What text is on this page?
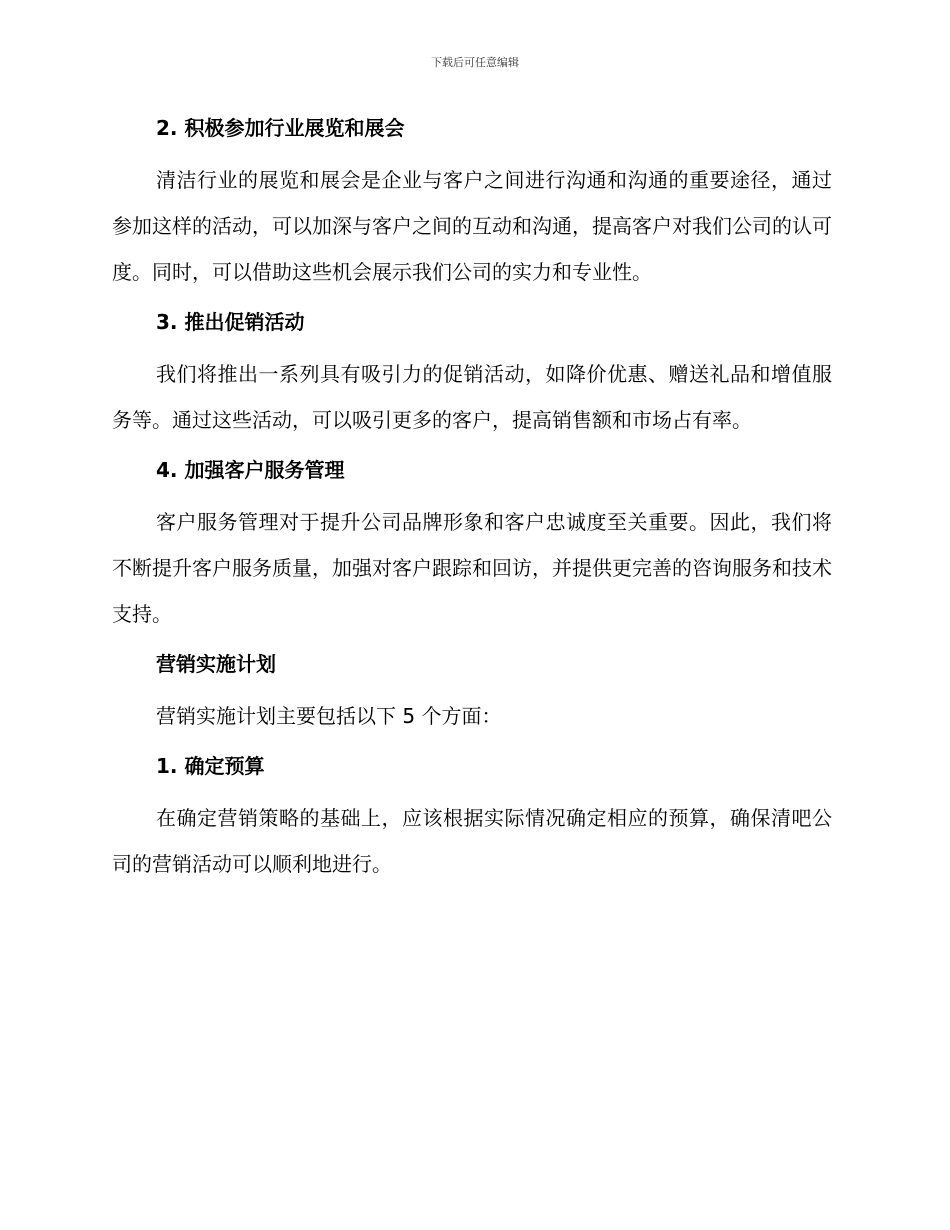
下载后可任意编辑
2. 积极参加行业展览和展会

清洁行业的展览和展会是企业与客户之间进行沟通和沟通的重要途径，通过参加这样的活动，可以加深与客户之间的互动和沟通，提高客户对我们公司的认可度。同时，可以借助这些机会展示我们公司的实力和专业性。

3. 推出促销活动

我们将推出一系列具有吸引力的促销活动，如降价优惠、赠送礼品和增值服务等。通过这些活动，可以吸引更多的客户，提高销售额和市场占有率。

4. 加强客户服务管理

客户服务管理对于提升公司品牌形象和客户忠诚度至关重要。因此，我们将不断提升客户服务质量，加强对客户跟踪和回访，并提供更完善的咨询服务和技术支持。

营销实施计划

营销实施计划主要包括以下 5 个方面：

1. 确定预算

在确定营销策略的基础上，应该根据实际情况确定相应的预算，确保清吧公司的营销活动可以顺利地进行。
